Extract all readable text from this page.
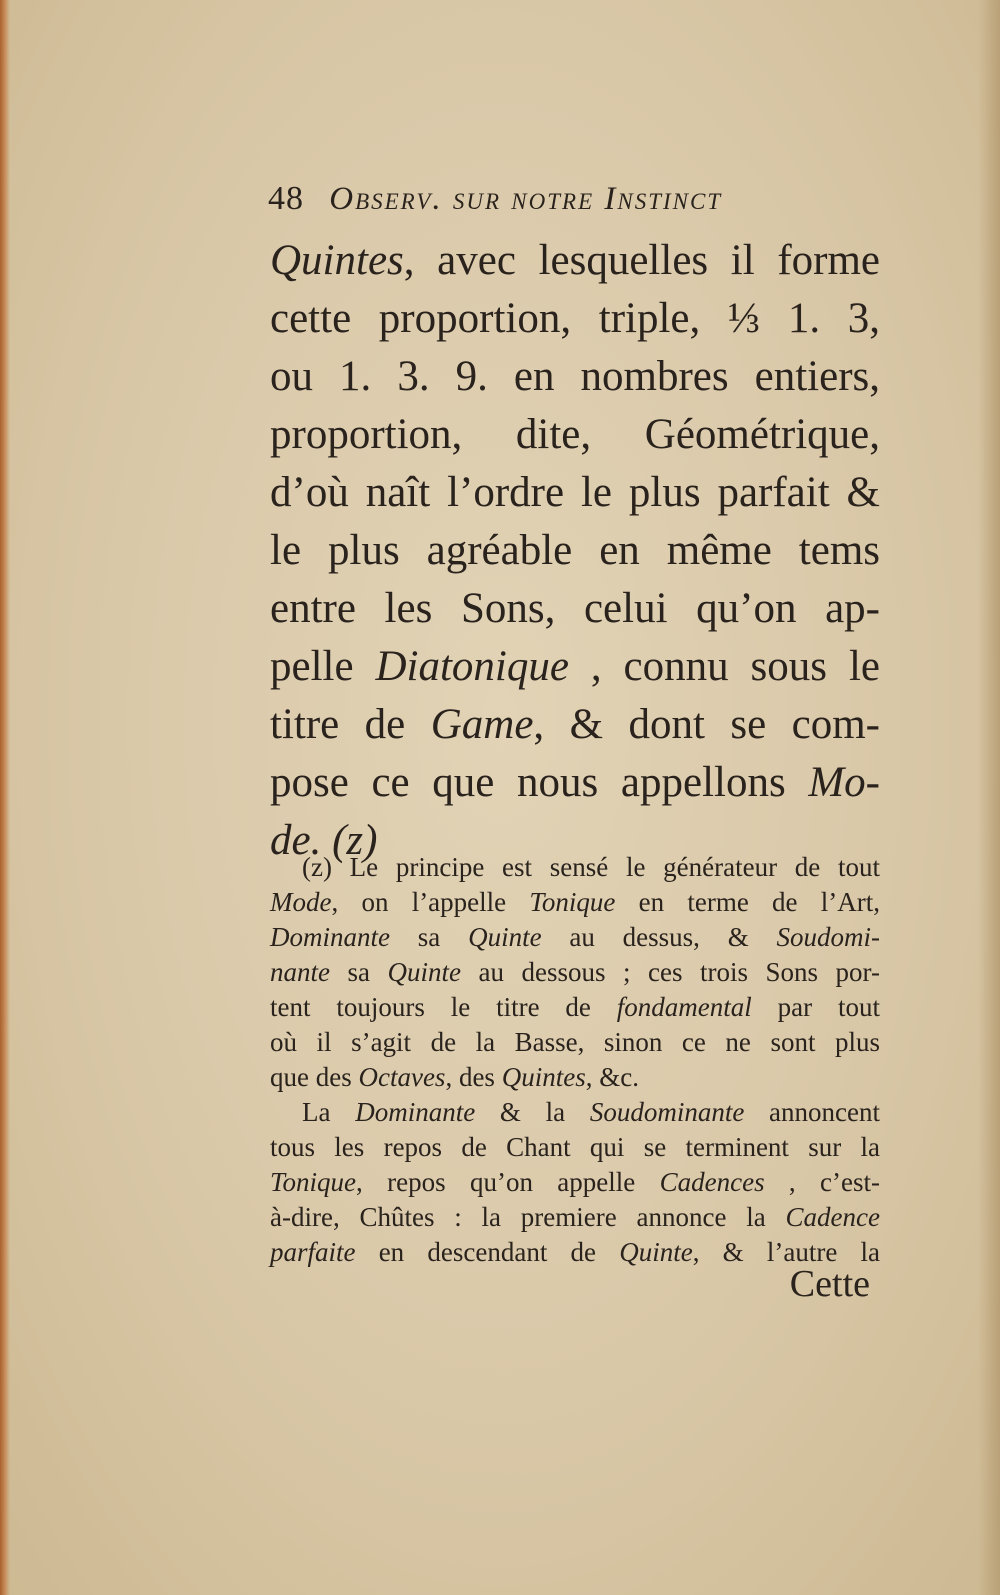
48 Observ. sur notre Instinct
Quintes, avec lesquelles il forme
cette proportion, triple, ⅓ 1. 3,
ou 1. 3. 9. en nombres entiers,
proportion, dite, Géométrique,
d’où naît l’ordre le plus parfait &
le plus agréable en même tems
entre les Sons, celui qu’on ap-
pelle Diatonique , connu sous le
titre de Game, & dont se com-
pose ce que nous appellons Mo-
de. (z)
(z) Le principe est sensé le générateur de tout
Mode, on l’appelle Tonique en terme de l’Art,
Dominante sa Quinte au dessus, & Soudomi-
nante sa Quinte au dessous ; ces trois Sons por-
tent toujours le titre de fondamental par tout
où il s’agit de la Basse, sinon ce ne sont plus
que des Octaves, des Quintes, &c.
La Dominante & la Soudominante annoncent
tous les repos de Chant qui se terminent sur la
Tonique, repos qu’on appelle Cadences , c’est-
à-dire, Chûtes : la premiere annonce la Cadence
parfaite en descendant de Quinte, & l’autre la
Cette
